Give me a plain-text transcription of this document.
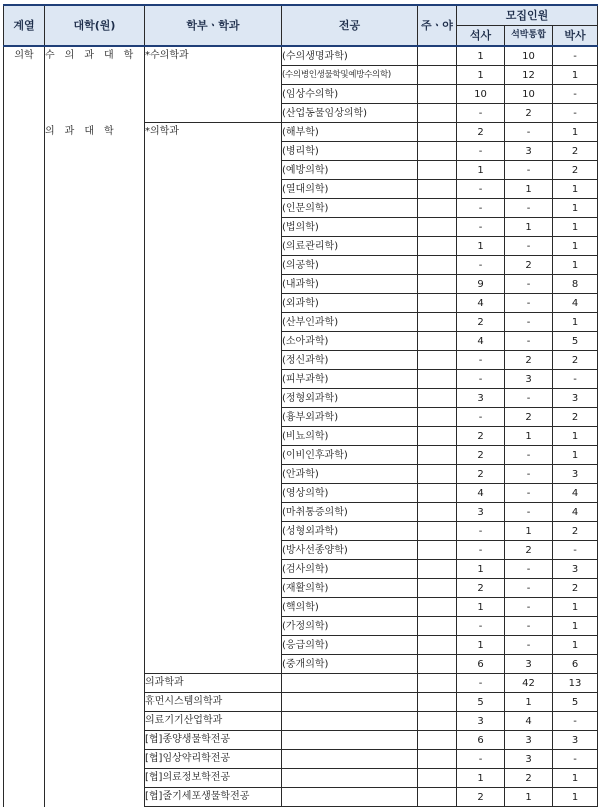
계열	대학(원)	학부ㆍ학과	전공	주ㆍ야	모집인원		
					석사	석박통합	박사
의학	수의과대학	*수의학과	(수의생명과학)		1	10	-
			(수의병인생물학및예방수의학)		1	12	1
			(임상수의학)		10	10	-
			(산업동물임상의학)		-	2	-
	의과대학	*의학과	(해부학)		2	-	1
			(병리학)		-	3	2
			(예방의학)		1	-	2
			(열대의학)		-	1	1
			(인문의학)		-	-	1
			(법의학)		-	1	1
			(의료관리학)		1	-	1
			(의공학)		-	2	1
			(내과학)		9	-	8
			(외과학)		4	-	4
			(산부인과학)		2	-	1
			(소아과학)		4	-	5
			(정신과학)		-	2	2
			(피부과학)		-	3	-
			(정형외과학)		3	-	3
			(흉부외과학)		-	2	2
			(비뇨의학)		2	1	1
			(이비인후과학)		2	-	1
			(안과학)		2	-	3
			(영상의학)		4	-	4
			(마취통증의학)		3	-	4
			(성형외과학)		-	1	2
			(방사선종양학)		-	2	-
			(검사의학)		1	-	3
			(재활의학)		2	-	2
			(핵의학)		1	-	1
			(가정의학)		-	-	1
			(응급의학)		1	-	1
			(중개의학)		6	3	6
		의과학과			-	42	13
		휴먼시스템의학과			5	1	5
		의료기기산업학과			3	4	-
		[협]종양생물학전공			6	3	3
		[협]임상약리학전공			-	3	-
		[협]의료정보학전공			1	2	1
		[협]줄기세포생물학전공			2	1	1
